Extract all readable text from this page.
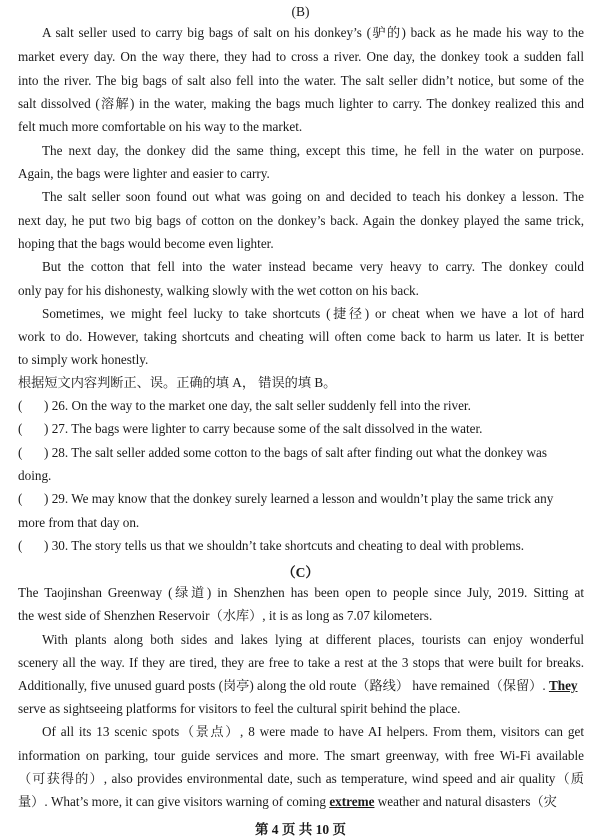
(B)
A salt seller used to carry big bags of salt on his donkey’s (驴的) back as he made his way to the
market every day. On the way there, they had to cross a river. One day, the donkey took a sudden fall
into the river. The big bags of salt also fell into the water. The salt seller didn’t notice, but some of the
salt dissolved (溶解) in the water, making the bags much lighter to carry. The donkey realized this and
felt much more comfortable on his way to the market.
The next day, the donkey did the same thing, except this time, he fell in the water on purpose.
Again, the bags were lighter and easier to carry.
The salt seller soon found out what was going on and decided to teach his donkey a lesson. The
next day, he put two big bags of cotton on the donkey’s back. Again the donkey played the same trick,
hoping that the bags would become even lighter.
But the cotton that fell into the water instead became very heavy to carry. The donkey could
only pay for his dishonesty, walking slowly with the wet cotton on his back.
Sometimes, we might feel lucky to take shortcuts (捷径) or cheat when we have a lot of hard
work to do. However, taking shortcuts and cheating will often come back to harm us later. It is better
to simply work honestly.
根据短文内容判断正、误。正确的填 A， 错误的填 B。
( ) 26. On the way to the market one day, the salt seller suddenly fell into the river.
( ) 27. The bags were lighter to carry because some of the salt dissolved in the water.
( ) 28. The salt seller added some cotton to the bags of salt after finding out what the donkey was
doing.
( ) 29. We may know that the donkey surely learned a lesson and wouldn’t play the same trick any
more from that day on.
( ) 30. The story tells us that we shouldn’t take shortcuts and cheating to deal with problems.
（C）
The Taojinshan Greenway (绿道) in Shenzhen has been open to people since July, 2019. Sitting at
the west side of Shenzhen Reservoir（水库）, it is as long as 7.07 kilometers.
With plants along both sides and lakes lying at different places, tourists can enjoy wonderful
scenery all the way. If they are tired, they are free to take a rest at the 3 stops that were built for breaks.
Additionally, five unused guard posts (岗亭) along the old route（路线） have remained（保留）. They
serve as sightseeing platforms for visitors to feel the cultural spirit behind the place.
Of all its 13 scenic spots（景点）, 8 were made to have AI helpers. From them, visitors can get
information on parking, tour guide services and more. The smart greenway, with free Wi-Fi available
（可获得的）, also provides environmental date, such as temperature, wind speed and air quality（质
量）. What’s more, it can give visitors warning of coming extreme weather and natural disasters（灾
第 4 页 共 10 页
